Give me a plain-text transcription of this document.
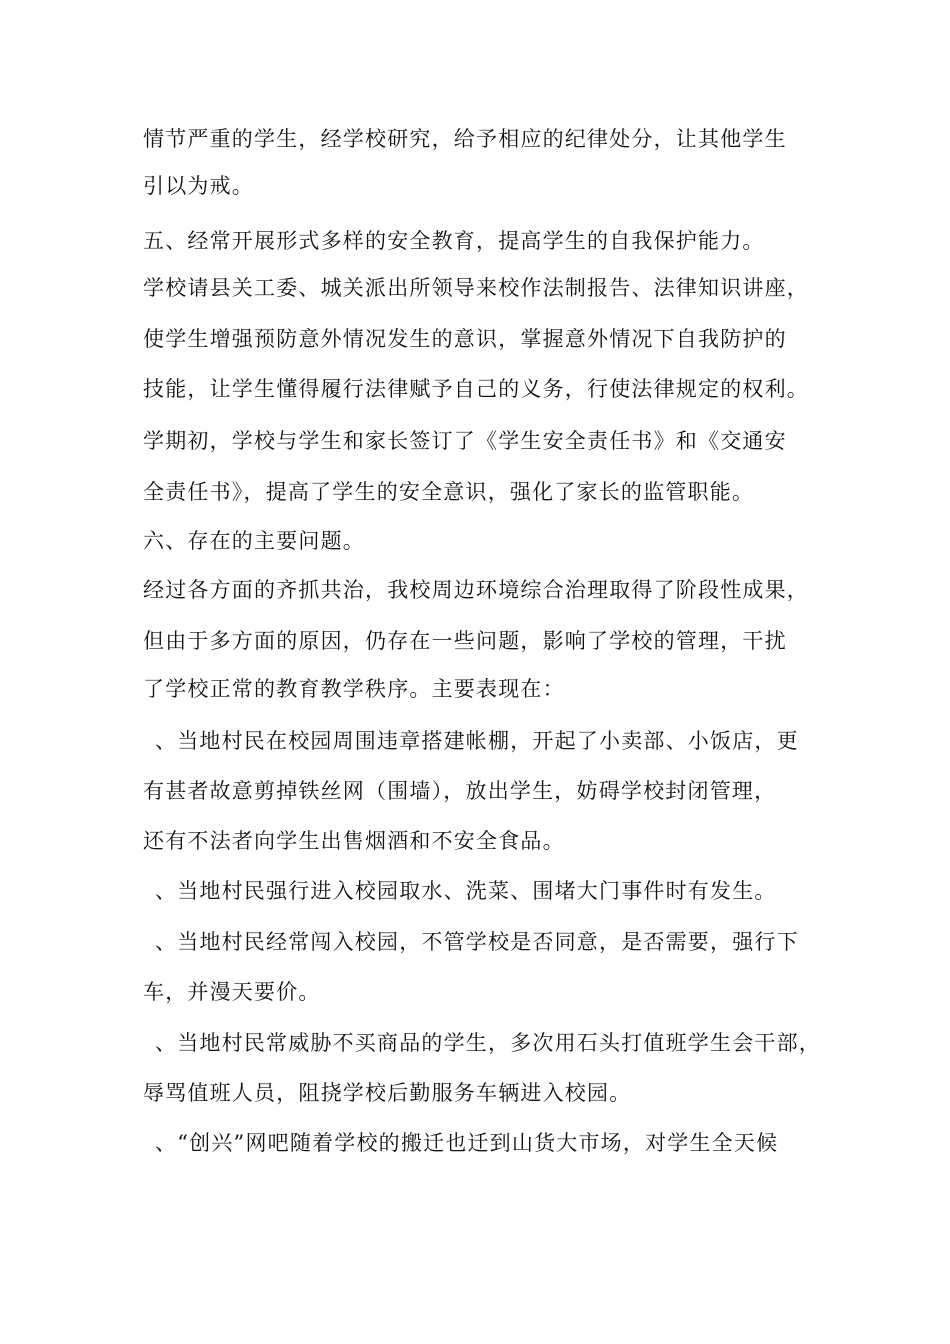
情节严重的学生，经学校研究，给予相应的纪律处分，让其他学生
引以为戒。
五、经常开展形式多样的安全教育，提高学生的自我保护能力。
学校请县关工委、城关派出所领导来校作法制报告、法律知识讲座，
使学生增强预防意外情况发生的意识，掌握意外情况下自我防护的
技能，让学生懂得履行法律赋予自己的义务，行使法律规定的权利。
学期初，学校与学生和家长签订了《学生安全责任书》和《交通安
全责任书》，提高了学生的安全意识，强化了家长的监管职能。
六、存在的主要问题。
经过各方面的齐抓共治，我校周边环境综合治理取得了阶段性成果，
但由于多方面的原因，仍存在一些问题，影响了学校的管理，干扰
了学校正常的教育教学秩序。主要表现在：
、当地村民在校园周围违章搭建帐棚，开起了小卖部、小饭店，更
有甚者故意剪掉铁丝网（围墙），放出学生，妨碍学校封闭管理，
还有不法者向学生出售烟酒和不安全食品。
、当地村民强行进入校园取水、洗菜、围堵大门事件时有发生。
、当地村民经常闯入校园，不管学校是否同意，是否需要，强行下
车，并漫天要价。
、当地村民常威胁不买商品的学生，多次用石头打值班学生会干部，
辱骂值班人员，阻挠学校后勤服务车辆进入校园。
、“创兴”网吧随着学校的搬迁也迁到山货大市场，对学生全天候
